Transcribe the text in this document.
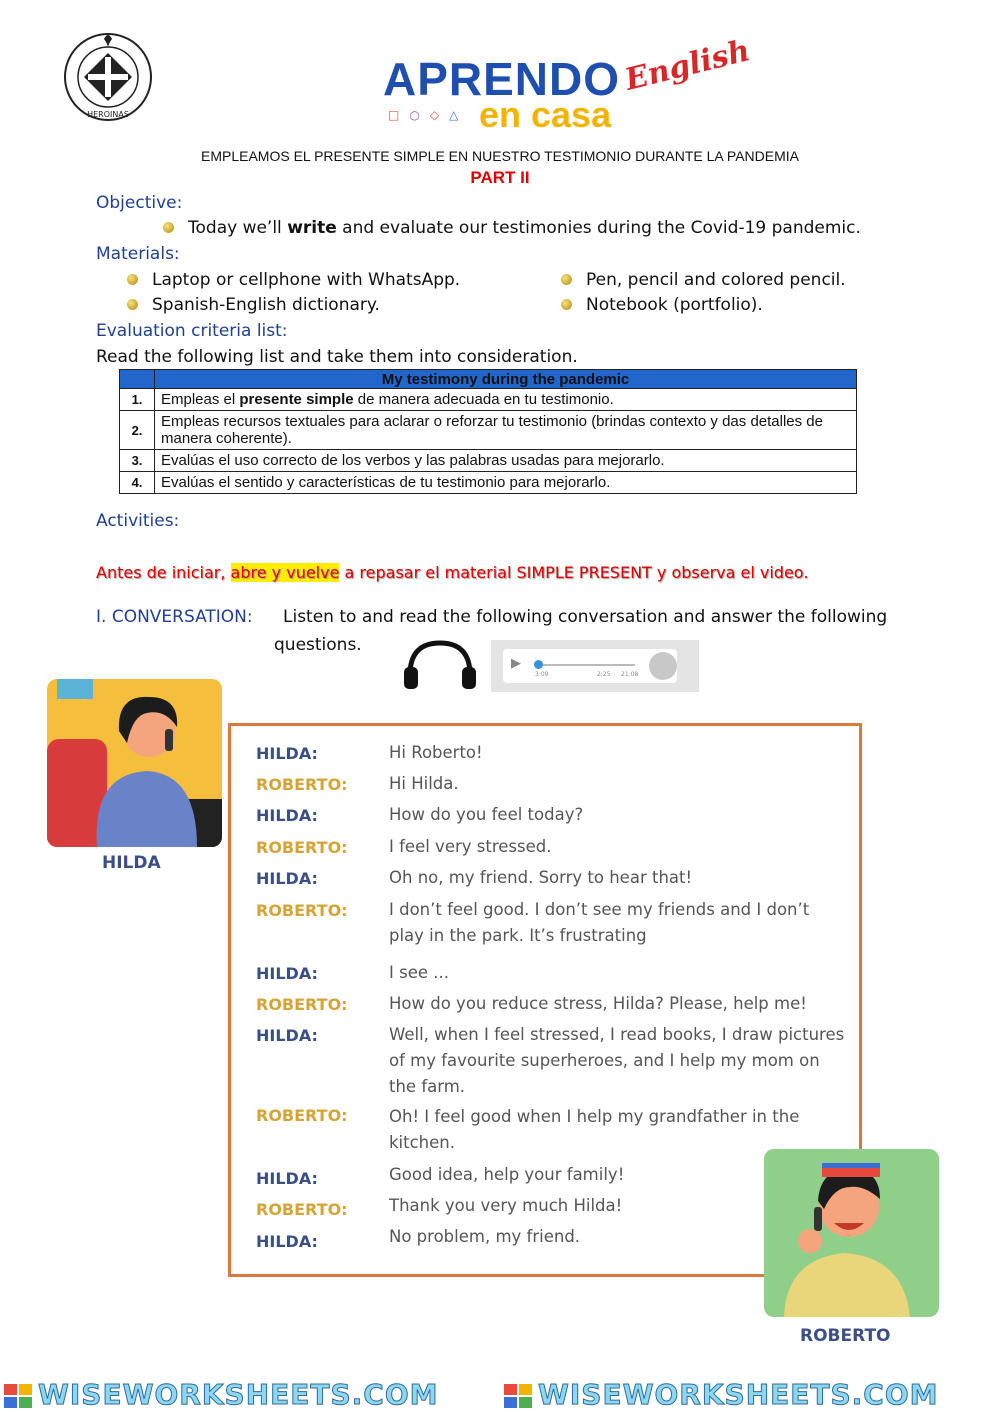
HEROINAS
APRENDO
en casa
English
□○◇△
EMPLEAMOS EL PRESENTE SIMPLE EN NUESTRO TESTIMONIO DURANTE LA PANDEMIA
PART II
Objective:
Today we’ll write and evaluate our testimonies during the Covid-19 pandemic.
Materials:
Laptop or cellphone with WhatsApp.
Spanish-English dictionary.
Pen, pencil and colored pencil.
Notebook (portfolio).
Evaluation criteria list:
Read the following list and take them into consideration.
	My testimony during the pandemic
1.	Empleas el presente simple de manera adecuada en tu testimonio.
2.	Empleas recursos textuales para aclarar o reforzar tu testimonio (brindas contexto y das detalles de manera coherente).
3.	Evalúas el uso correcto de los verbos y las palabras usadas para mejorarlo.
4.	Evalúas el sentido y características de tu testimonio para mejorarlo.
Activities:
Antes de iniciar, abre y vuelve a repasar el material SIMPLE PRESENT y observa el video.
I. CONVERSATION: Listen to and read the following conversation and answer the following
questions.
▶
3:09	2:25 21:08
HILDA
HILDA:	Hi Roberto!
ROBERTO:	Hi Hilda.
HILDA:	How do you feel today?
ROBERTO:	I feel very stressed.
HILDA:	Oh no, my friend. Sorry to hear that!
ROBERTO:	I don’t feel good. I don’t see my friends and I don’t play in the park. It’s frustrating
HILDA:	I see ...
ROBERTO:	How do you reduce stress, Hilda? Please, help me!
HILDA:	Well, when I feel stressed, I read books, I draw pictures of my favourite superheroes, and I help my mom on the farm.
ROBERTO:	Oh! I feel good when I help my grandfather in the kitchen.
HILDA:	Good idea, help your family!
ROBERTO:	Thank you very much Hilda!
HILDA:	No problem, my friend.
ROBERTO
WISEWORKSHEETS.COM	WISEWORKSHEETS.COM
